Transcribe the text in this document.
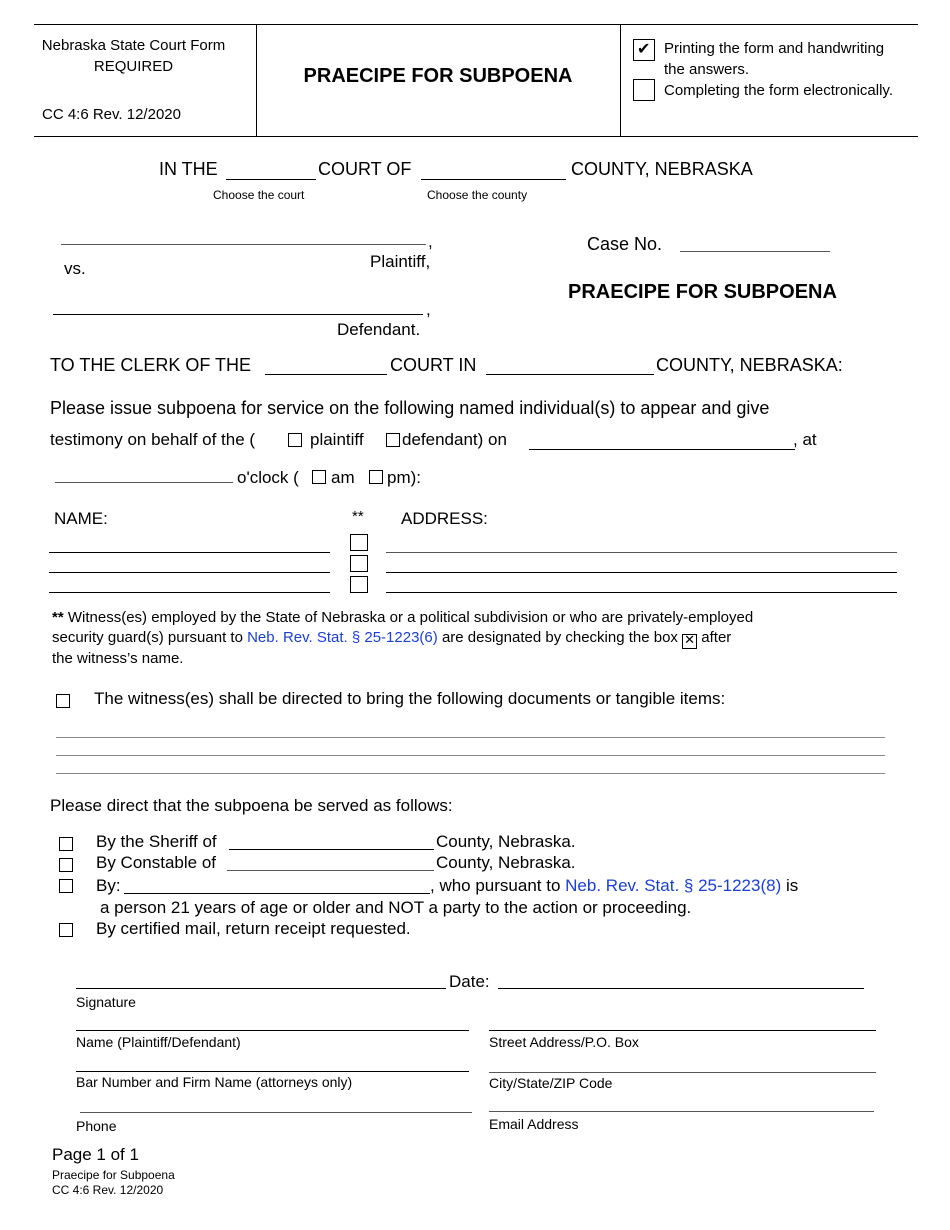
Nebraska State Court Form
REQUIRED
CC 4:6 Rev. 12/2020
PRAECIPE FOR SUBPOENA
✔ Printing the form and handwriting
the answers.
Completing the form electronically.
IN THE	COURT OF	COUNTY, NEBRASKA
Choose the court	Choose the county
,
Plaintiff,
vs.
,
Defendant.
Case No.
PRAECIPE FOR SUBPOENA
TO THE CLERK OF THE	COURT IN	COUNTY, NEBRASKA:
Please issue subpoena for service on the following named individual(s) to appear and give
testimony on behalf of the (	plaintiff defendant) on	, at
o'clock ( am pm):
NAME:	** ADDRESS:
** Witness(es) employed by the State of Nebraska or a political subdivision or who are privately-employed
security guard(s) pursuant to Neb. Rev. Stat. § 25-1223(6) are designated by checking the box ✕ after
the witness’s name.
The witness(es) shall be directed to bring the following documents or tangible items:
Please direct that the subpoena be served as follows:
By the Sheriff of	County, Nebraska.
By Constable of	County, Nebraska.
By:	, who pursuant to Neb. Rev. Stat. § 25-1223(8) is
a person 21 years of age or older and NOT a party to the action or proceeding.
By certified mail, return receipt requested.
Date:
Signature
Name (Plaintiff/Defendant)	Street Address/P.O. Box
Bar Number and Firm Name (attorneys only)	City/State/ZIP Code
Phone	Email Address
Page 1 of 1
Praecipe for Subpoena
CC 4:6 Rev. 12/2020
